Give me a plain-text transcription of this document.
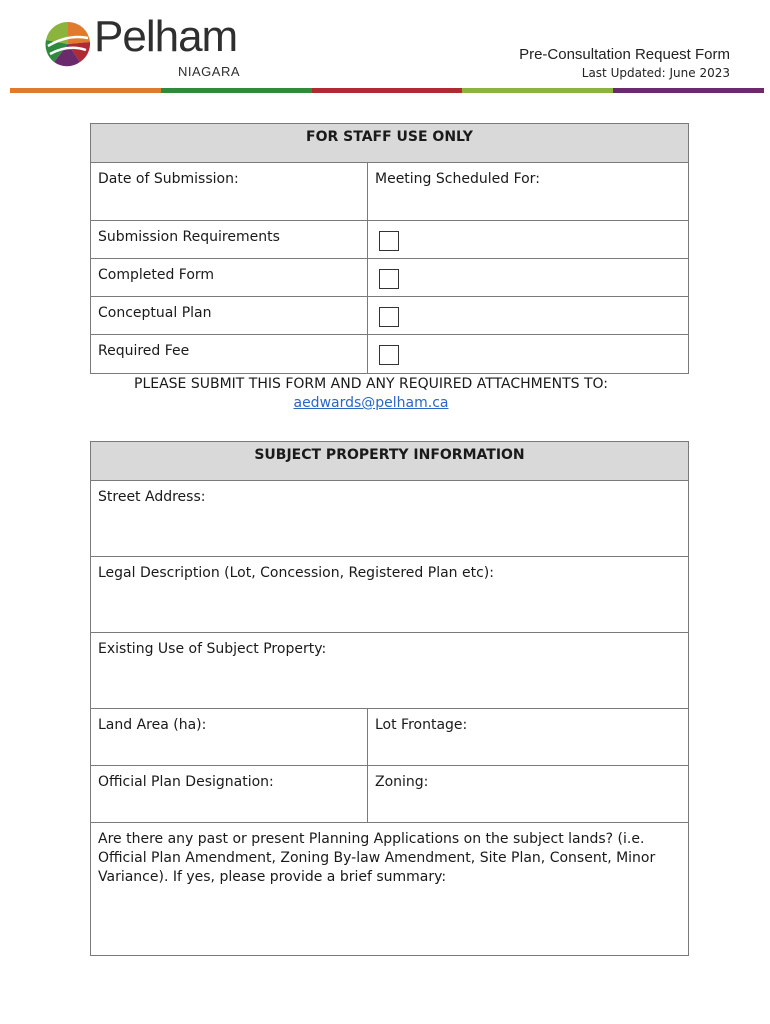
Pelham
NIAGARA
Pre-Consultation Request Form
Last Updated: June 2023
FOR STAFF USE ONLY	
Date of Submission:	Meeting Scheduled For:
Submission Requirements	

Completed Form	

Conceptual Plan	

Required Fee	
PLEASE SUBMIT THIS FORM AND ANY REQUIRED ATTACHMENTS TO:
aedwards@pelham.ca
SUBJECT PROPERTY INFORMATION	
Street Address:	
Legal Description (Lot, Concession, Registered Plan etc):	
Existing Use of Subject Property:	
Land Area (ha):	Lot Frontage:
Official Plan Designation:	Zoning:
Are there any past or present Planning Applications on the subject lands? (i.e. Official Plan Amendment, Zoning By-law Amendment, Site Plan, Consent, Minor Variance). If yes, please provide a brief summary:	
